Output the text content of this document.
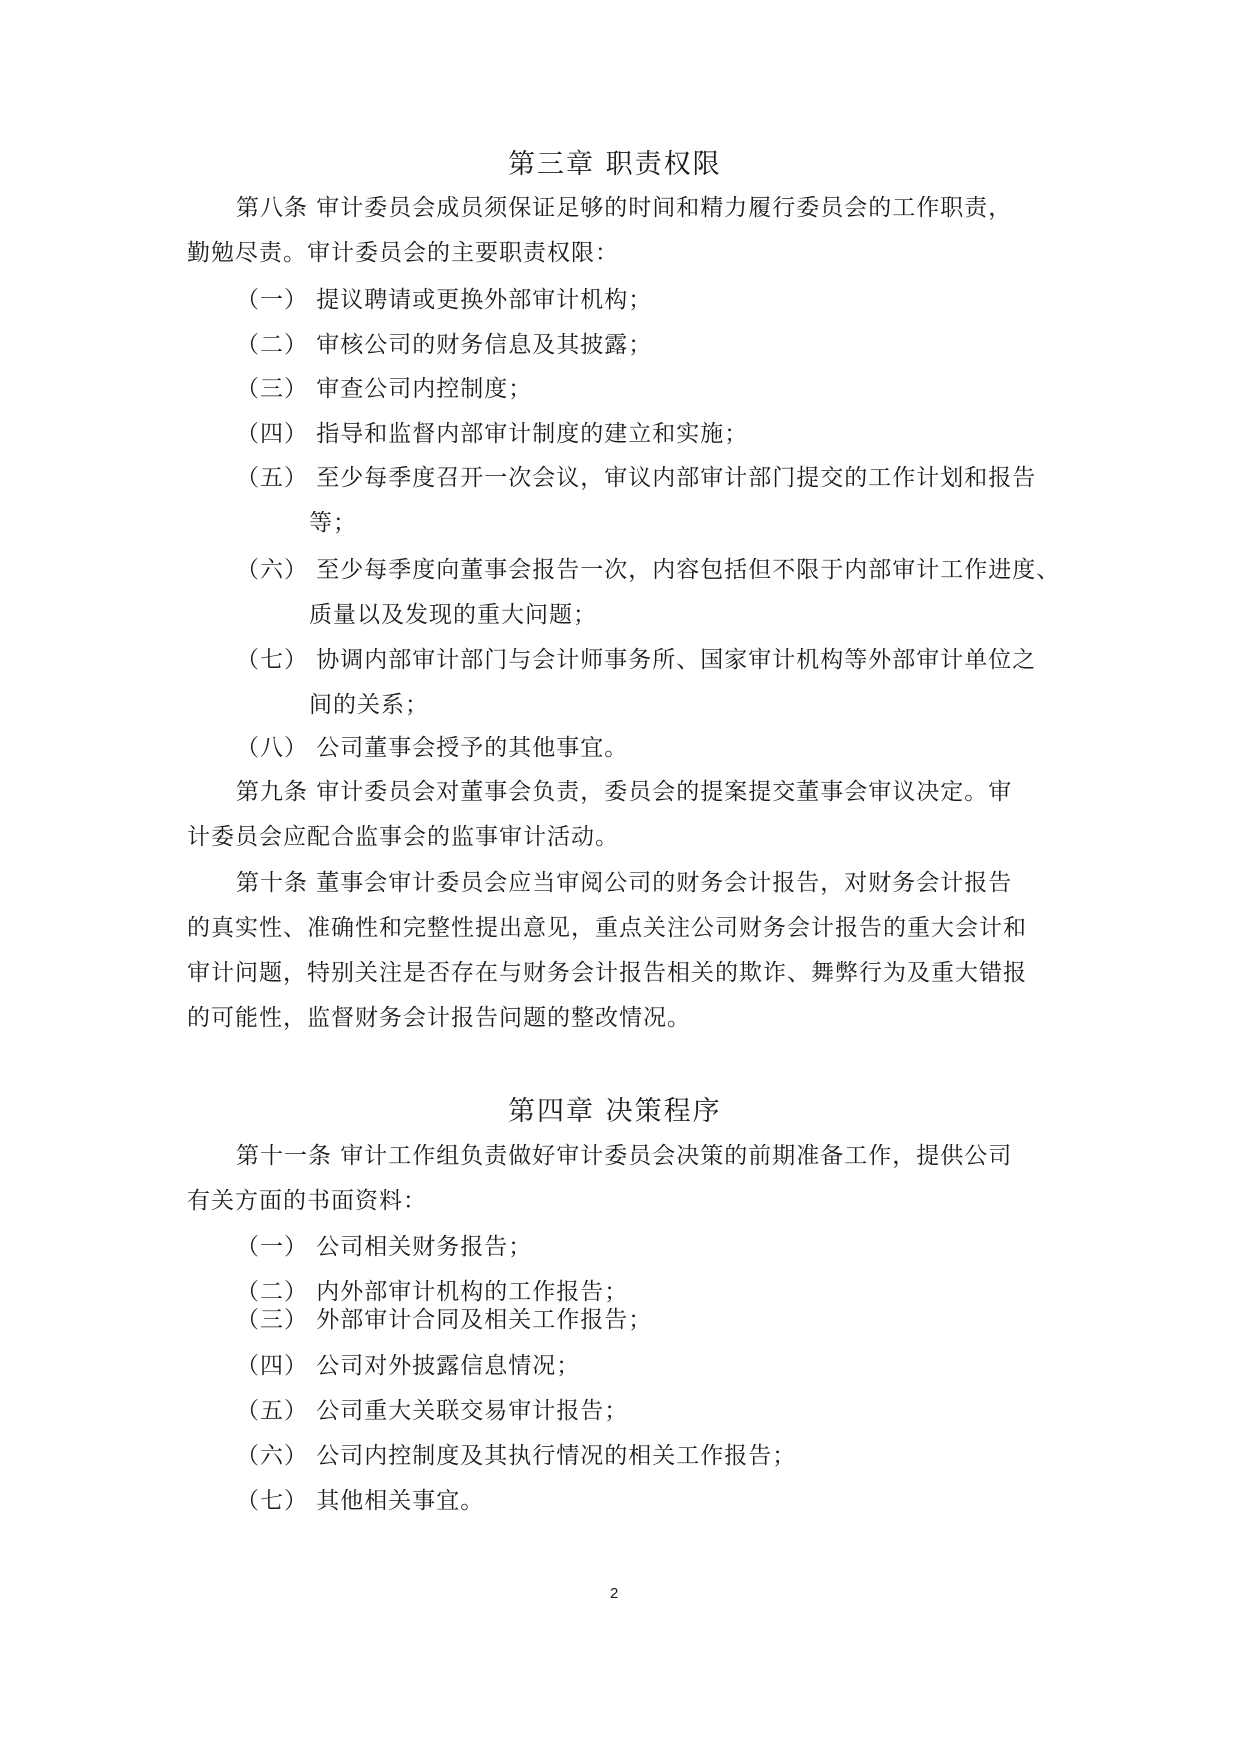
第三章 职责权限
第八条 审计委员会成员须保证足够的时间和精力履行委员会的工作职责，
勤勉尽责。审计委员会的主要职责权限：
（一） 提议聘请或更换外部审计机构；
（二） 审核公司的财务信息及其披露；
（三） 审查公司内控制度；
（四） 指导和监督内部审计制度的建立和实施；
（五） 至少每季度召开一次会议，审议内部审计部门提交的工作计划和报告
等；
（六） 至少每季度向董事会报告一次，内容包括但不限于内部审计工作进度、
质量以及发现的重大问题；
（七） 协调内部审计部门与会计师事务所、国家审计机构等外部审计单位之
间的关系；
（八） 公司董事会授予的其他事宜。
第九条 审计委员会对董事会负责，委员会的提案提交董事会审议决定。审
计委员会应配合监事会的监事审计活动。
第十条 董事会审计委员会应当审阅公司的财务会计报告，对财务会计报告
的真实性、准确性和完整性提出意见，重点关注公司财务会计报告的重大会计和
审计问题，特别关注是否存在与财务会计报告相关的欺诈、舞弊行为及重大错报
的可能性，监督财务会计报告问题的整改情况。
第四章 决策程序
第十一条 审计工作组负责做好审计委员会决策的前期准备工作，提供公司
有关方面的书面资料：
（一） 公司相关财务报告；
（二） 内外部审计机构的工作报告；
（三） 外部审计合同及相关工作报告；
（四） 公司对外披露信息情况；
（五） 公司重大关联交易审计报告；
（六） 公司内控制度及其执行情况的相关工作报告；
（七） 其他相关事宜。
2
